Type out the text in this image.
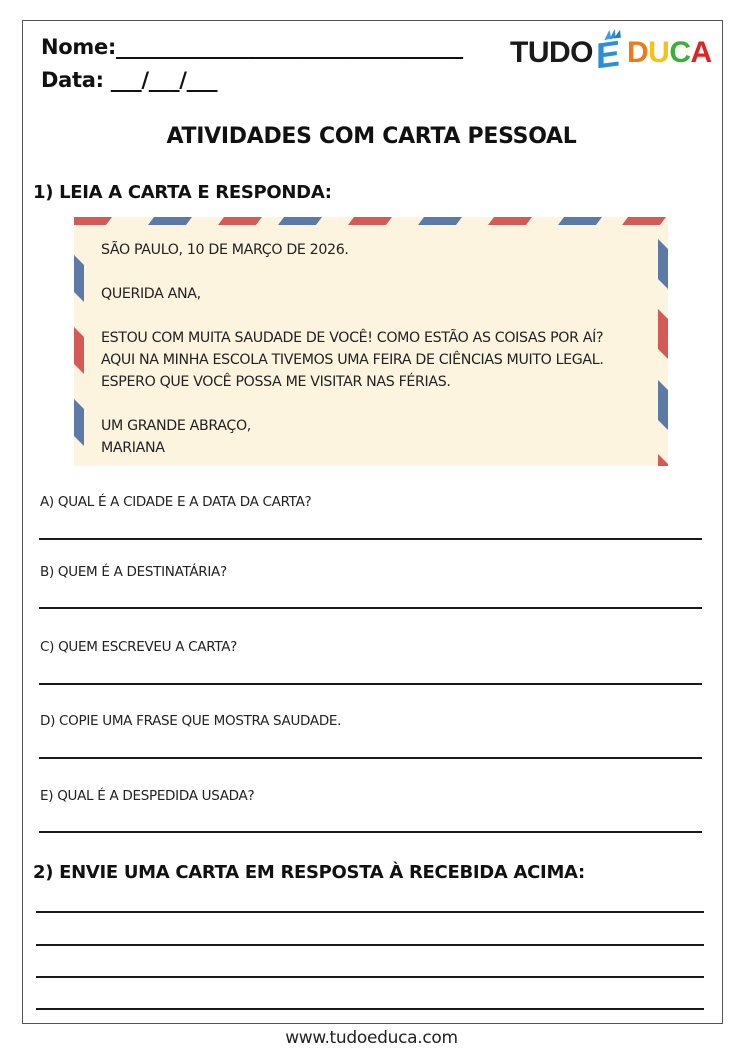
Nome:__________________________________
Data: ___/___/___
TUDO E D U C A
ATIVIDADES COM CARTA PESSOAL
1) LEIA A CARTA E RESPONDA:
SÃO PAULO, 10 DE MARÇO DE 2026.
QUERIDA ANA,
ESTOU COM MUITA SAUDADE DE VOCÊ! COMO ESTÃO AS COISAS POR AÍ?
AQUI NA MINHA ESCOLA TIVEMOS UMA FEIRA DE CIÊNCIAS MUITO LEGAL.
ESPERO QUE VOCÊ POSSA ME VISITAR NAS FÉRIAS.
UM GRANDE ABRAÇO,
MARIANA
A) QUAL É A CIDADE E A DATA DA CARTA?
B) QUEM É A DESTINATÁRIA?
C) QUEM ESCREVEU A CARTA?
D) COPIE UMA FRASE QUE MOSTRA SAUDADE.
E) QUAL É A DESPEDIDA USADA?
2) ENVIE UMA CARTA EM RESPOSTA À RECEBIDA ACIMA:
www.tudoeduca.com
